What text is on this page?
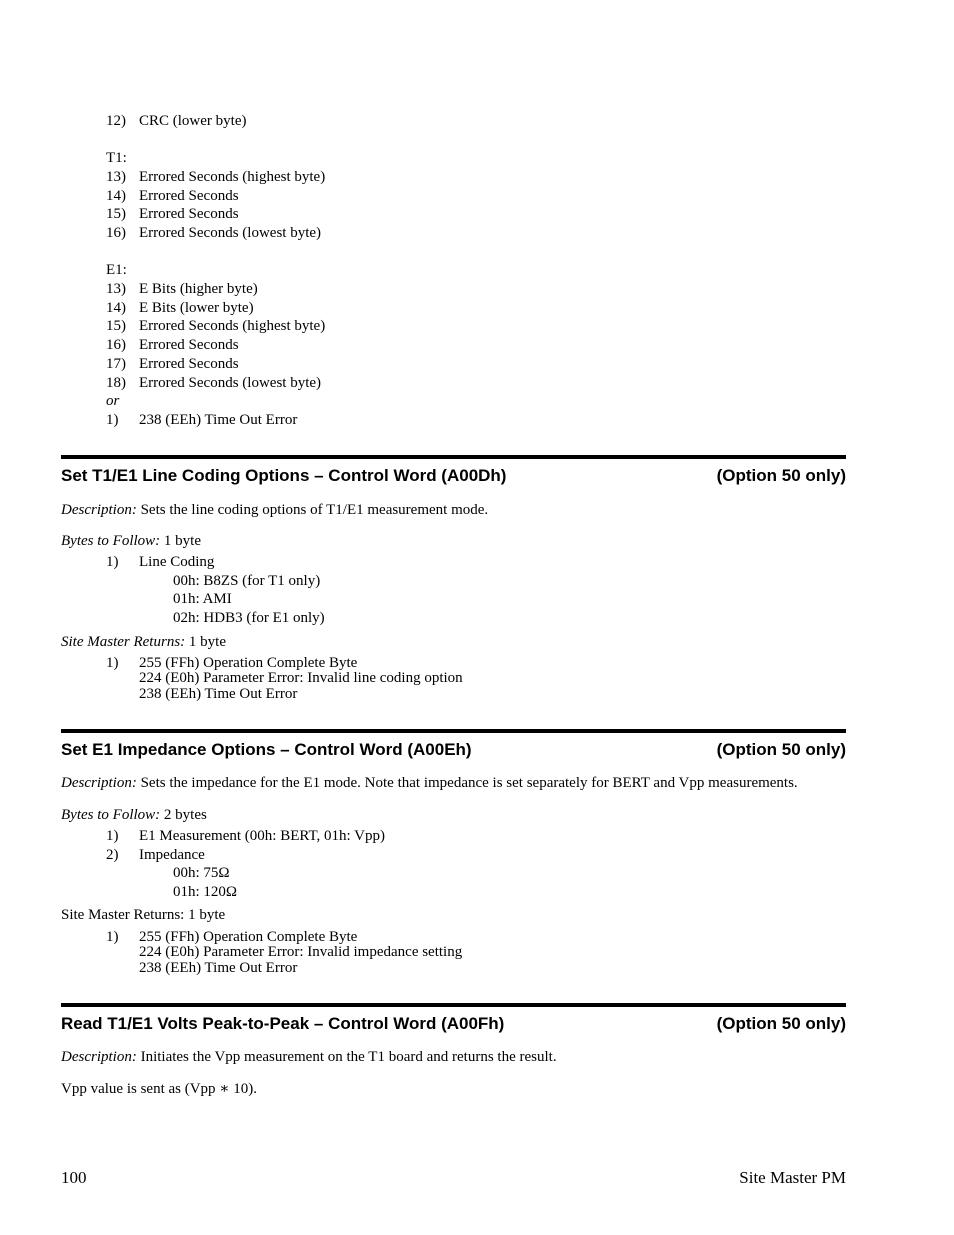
12) CRC (lower byte)
T1:
13) Errored Seconds (highest byte)
14) Errored Seconds
15) Errored Seconds
16) Errored Seconds (lowest byte)
E1:
13) E Bits (higher byte)
14) E Bits (lower byte)
15) Errored Seconds (highest byte)
16) Errored Seconds
17) Errored Seconds
18) Errored Seconds (lowest byte)
or
1) 238 (EEh) Time Out Error
Set T1/E1 Line Coding Options – Control Word (A00Dh)	(Option 50 only)
Description: Sets the line coding options of T1/E1 measurement mode.
Bytes to Follow: 1 byte
1) Line Coding
00h: B8ZS (for T1 only)
01h: AMI
02h: HDB3 (for E1 only)
Site Master Returns: 1 byte
1) 255 (FFh) Operation Complete Byte
224 (E0h) Parameter Error: Invalid line coding option
238 (EEh) Time Out Error
Set E1 Impedance Options – Control Word (A00Eh)	(Option 50 only)
Description: Sets the impedance for the E1 mode. Note that impedance is set separately for BERT and Vpp measurements.
Bytes to Follow: 2 bytes
1) E1 Measurement (00h: BERT, 01h: Vpp)
2) Impedance
00h: 75Ω
01h: 120Ω
Site Master Returns: 1 byte
1) 255 (FFh) Operation Complete Byte
224 (E0h) Parameter Error: Invalid impedance setting
238 (EEh) Time Out Error
Read T1/E1 Volts Peak-to-Peak – Control Word (A00Fh)	(Option 50 only)
Description: Initiates the Vpp measurement on the T1 board and returns the result.
Vpp value is sent as (Vpp ∗ 10).
100	Site Master PM
